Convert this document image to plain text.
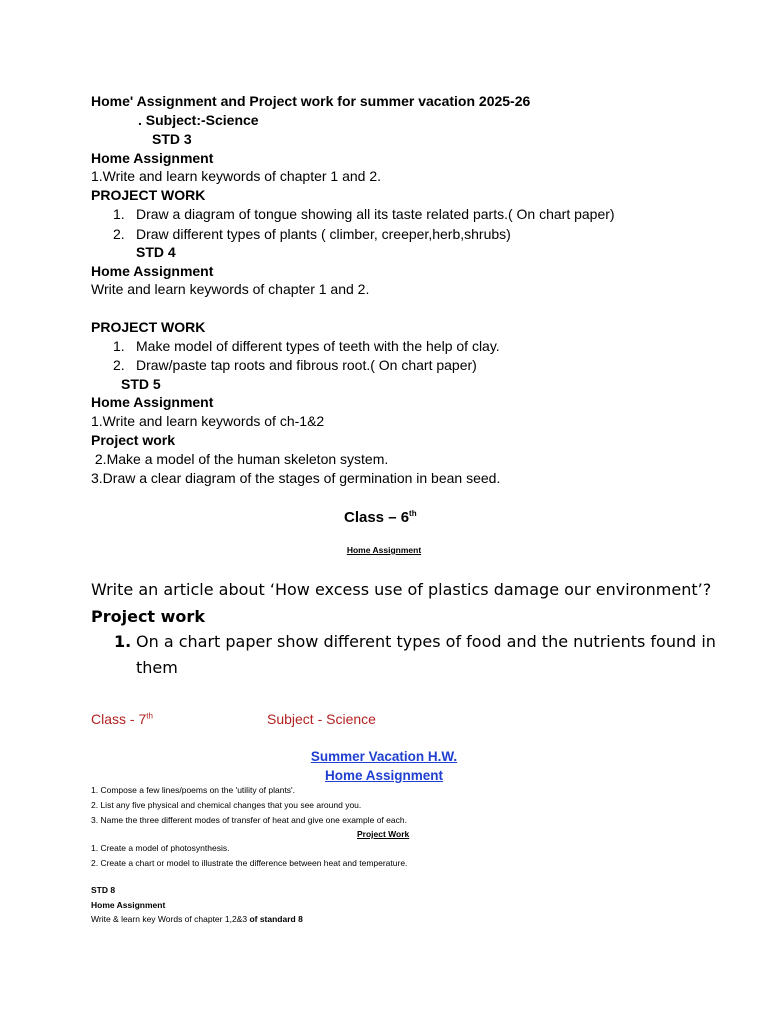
Home' Assignment and Project work for summer vacation 2025-26
. Subject:-Science
STD 3
Home Assignment
1.Write and learn keywords of chapter 1 and 2.
PROJECT WORK
1. Draw a diagram of tongue showing all its taste related parts.( On chart paper)
2. Draw different types of plants ( climber, creeper,herb,shrubs)
STD 4
Home Assignment
Write and learn keywords of chapter 1 and 2.
PROJECT WORK
1. Make model of different types of teeth with the help of clay.
2. Draw/paste tap roots and fibrous root.( On chart paper)
STD 5
Home Assignment
1.Write and learn keywords of ch-1&2
Project work
2.Make a model of the human skeleton system.
3.Draw a clear diagram of the stages of germination in bean seed.
Class – 6th
Home Assignment
Write an article about ‘How excess use of plastics damage our environment’?
Project work
1. On a chart paper show different types of food and the nutrients found in
them
Class - 7th	Subject - Science
Summer Vacation H.W.
Home Assignment
1. Compose a few lines/poems on the 'utility of plants'.
2. List any five physical and chemical changes that you see around you.
3. Name the three different modes of transfer of heat and give one example of each.
Project Work
1. Create a model of photosynthesis.
2. Create a chart or model to illustrate the difference between heat and temperature.
STD 8
Home Assignment
Write & learn key Words of chapter 1,2&3 of standard 8
